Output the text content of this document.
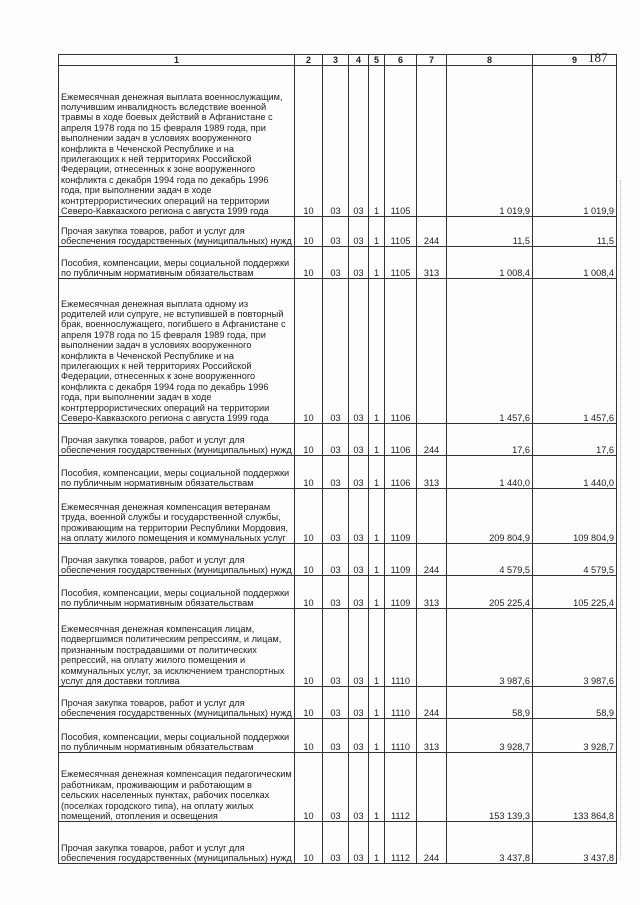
187
1	2	3	4	5	6	7	8	9
Ежемесячная денежная выплата военнослужащим, получившим инвалидность вследствие военной травмы в ходе боевых действий в Афганистане с апреля 1978 года по 15 февраля 1989 года, при выполнении задач в условиях вооруженного конфликта в Чеченской Республике и на прилегающих к ней территориях Российской Федерации, отнесенных к зоне вооруженного конфликта с декабря 1994 года по декабрь 1996 года, при выполнении задач в ходе контртеррористических операций на территории Северо-Кавказского региона с августа 1999 года	10	03	03	1	1105		1 019,9	1 019,9
Прочая закупка товаров, работ и услуг для обеспечения государственных (муниципальных) нужд	10	03	03	1	1105	244	11,5	11,5
Пособия, компенсации, меры социальной поддержки по публичным нормативным обязательствам	10	03	03	1	1105	313	1 008,4	1 008,4
Ежемесячная денежная выплата одному из родителей или супруге, не вступившей в повторный брак, военнослужащего, погибшего в Афганистане с апреля 1978 года по 15 февраля 1989 года, при выполнении задач в условиях вооруженного конфликта в Чеченской Республике и на прилегающих к ней территориях Российской Федерации, отнесенных к зоне вооруженного конфликта с декабря 1994 года по декабрь 1996 года, при выполнении задач в ходе контртеррористических операций на территории Северо-Кавказского региона с августа 1999 года	10	03	03	1	1106		1 457,6	1 457,6
Прочая закупка товаров, работ и услуг для обеспечения государственных (муниципальных) нужд	10	03	03	1	1106	244	17,6	17,6
Пособия, компенсации, меры социальной поддержки по публичным нормативным обязательствам	10	03	03	1	1106	313	1 440,0	1 440,0
Ежемесячная денежная компенсация ветеранам труда, военной службы и государственной службы, проживающим на территории Республики Мордовия, на оплату жилого помещения и коммунальных услуг	10	03	03	1	1109		209 804,9	109 804,9
Прочая закупка товаров, работ и услуг для обеспечения государственных (муниципальных) нужд	10	03	03	1	1109	244	4 579,5	4 579,5
Пособия, компенсации, меры социальной поддержки по публичным нормативным обязательствам	10	03	03	1	1109	313	205 225,4	105 225,4
Ежемесячная денежная компенсация лицам, подвергшимся политическим репрессиям, и лицам, признанным пострадавшими от политических репрессий, на оплату жилого помещения и коммунальных услуг, за исключением транспортных услуг для доставки топлива	10	03	03	1	1110		3 987,6	3 987,6
Прочая закупка товаров, работ и услуг для обеспечения государственных (муниципальных) нужд	10	03	03	1	1110	244	58,9	58,9
Пособия, компенсации, меры социальной поддержки по публичным нормативным обязательствам	10	03	03	1	1110	313	3 928,7	3 928,7
Ежемесячная денежная компенсация педагогическим работникам, проживающим и работающим в сельских населенных пунктах, рабочих поселках (поселках городского типа), на оплату жилых помещений, отопления и освещения	10	03	03	1	1112		153 139,3	133 864,8
Прочая закупка товаров, работ и услуг для обеспечения государственных (муниципальных) нужд	10	03	03	1	1112	244	3 437,8	3 437,8
